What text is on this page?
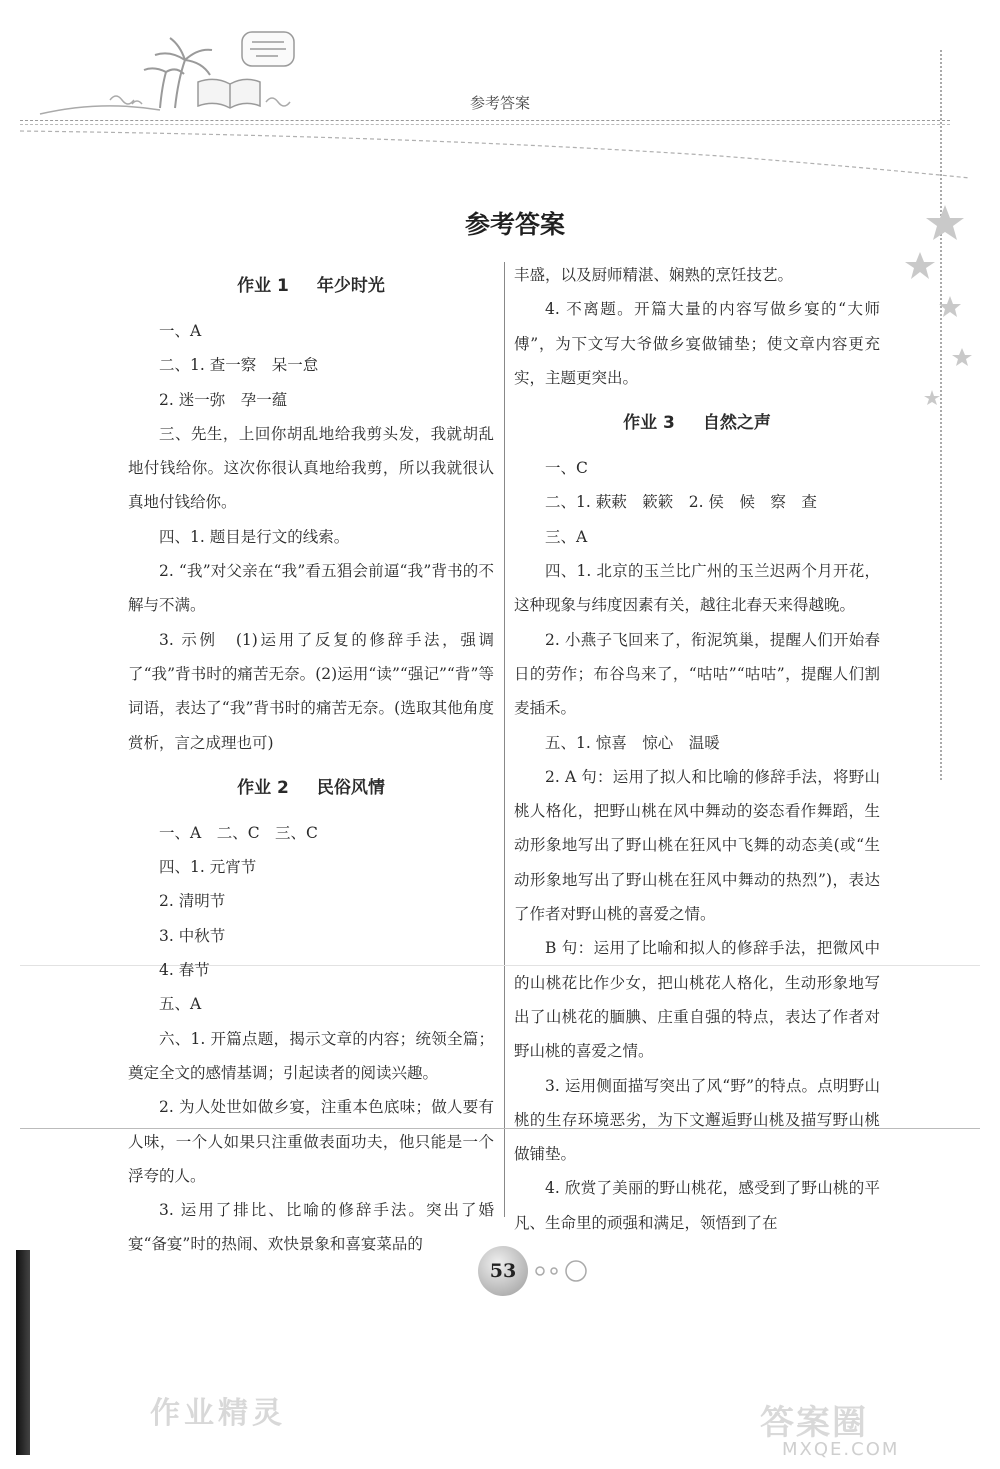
参考答案
参考答案
作业 1 年少时光

一、A

二、1. 查一察　呆一怠

2. 迷一弥　孕一蕴

三、先生，上回你胡乱地给我剪头发，我就胡乱地付钱给你。这次你很认真地给我剪，所以我就很认真地付钱给你。

四、1. 题目是行文的线索。

2. “我”对父亲在“我”看五猖会前逼“我”背书的不解与不满。

3. 示例　(1)运用了反复的修辞手法，强调了“我”背书时的痛苦无奈。(2)运用“读”“强记”“背”等词语，表达了“我”背书时的痛苦无奈。(选取其他角度赏析，言之成理也可)

作业 2 民俗风情

一、A　二、C　三、C

四、1. 元宵节

2. 清明节

3. 中秋节

4. 春节

五、A

六、1. 开篇点题，揭示文章的内容；统领全篇；奠定全文的感情基调；引起读者的阅读兴趣。

2. 为人处世如做乡宴，注重本色底味；做人要有人味，一个人如果只注重做表面功夫，他只能是一个浮夸的人。

3. 运用了排比、比喻的修辞手法。突出了婚宴“备宴”时的热闹、欢快景象和喜宴菜品的

丰盛，以及厨师精湛、娴熟的烹饪技艺。

4. 不离题。开篇大量的内容写做乡宴的“大师傅”，为下文写大爷做乡宴做铺垫；使文章内容更充实，主题更突出。

作业 3 自然之声

一、C

二、1. 蔌蔌　簌簌　2. 侯　候　察　查

三、A

四、1. 北京的玉兰比广州的玉兰迟两个月开花，这种现象与纬度因素有关，越往北春天来得越晚。

2. 小燕子飞回来了，衔泥筑巢，提醒人们开始春日的劳作；布谷鸟来了，“咕咕”“咕咕”，提醒人们割麦插禾。

五、1. 惊喜　惊心　温暖

2. A 句：运用了拟人和比喻的修辞手法，将野山桃人格化，把野山桃在风中舞动的姿态看作舞蹈，生动形象地写出了野山桃在狂风中飞舞的动态美(或“生动形象地写出了野山桃在狂风中舞动的热烈”)，表达了作者对野山桃的喜爱之情。

B 句：运用了比喻和拟人的修辞手法，把微风中的山桃花比作少女，把山桃花人格化，生动形象地写出了山桃花的腼腆、庄重自强的特点，表达了作者对野山桃的喜爱之情。

3. 运用侧面描写突出了风“野”的特点。点明野山桃的生存环境恶劣，为下文邂逅野山桃及描写野山桃做铺垫。

4. 欣赏了美丽的野山桃花，感受到了野山桃的平凡、生命里的顽强和满足，领悟到了在

53
作业精灵	答案圈
MXQE.COM
